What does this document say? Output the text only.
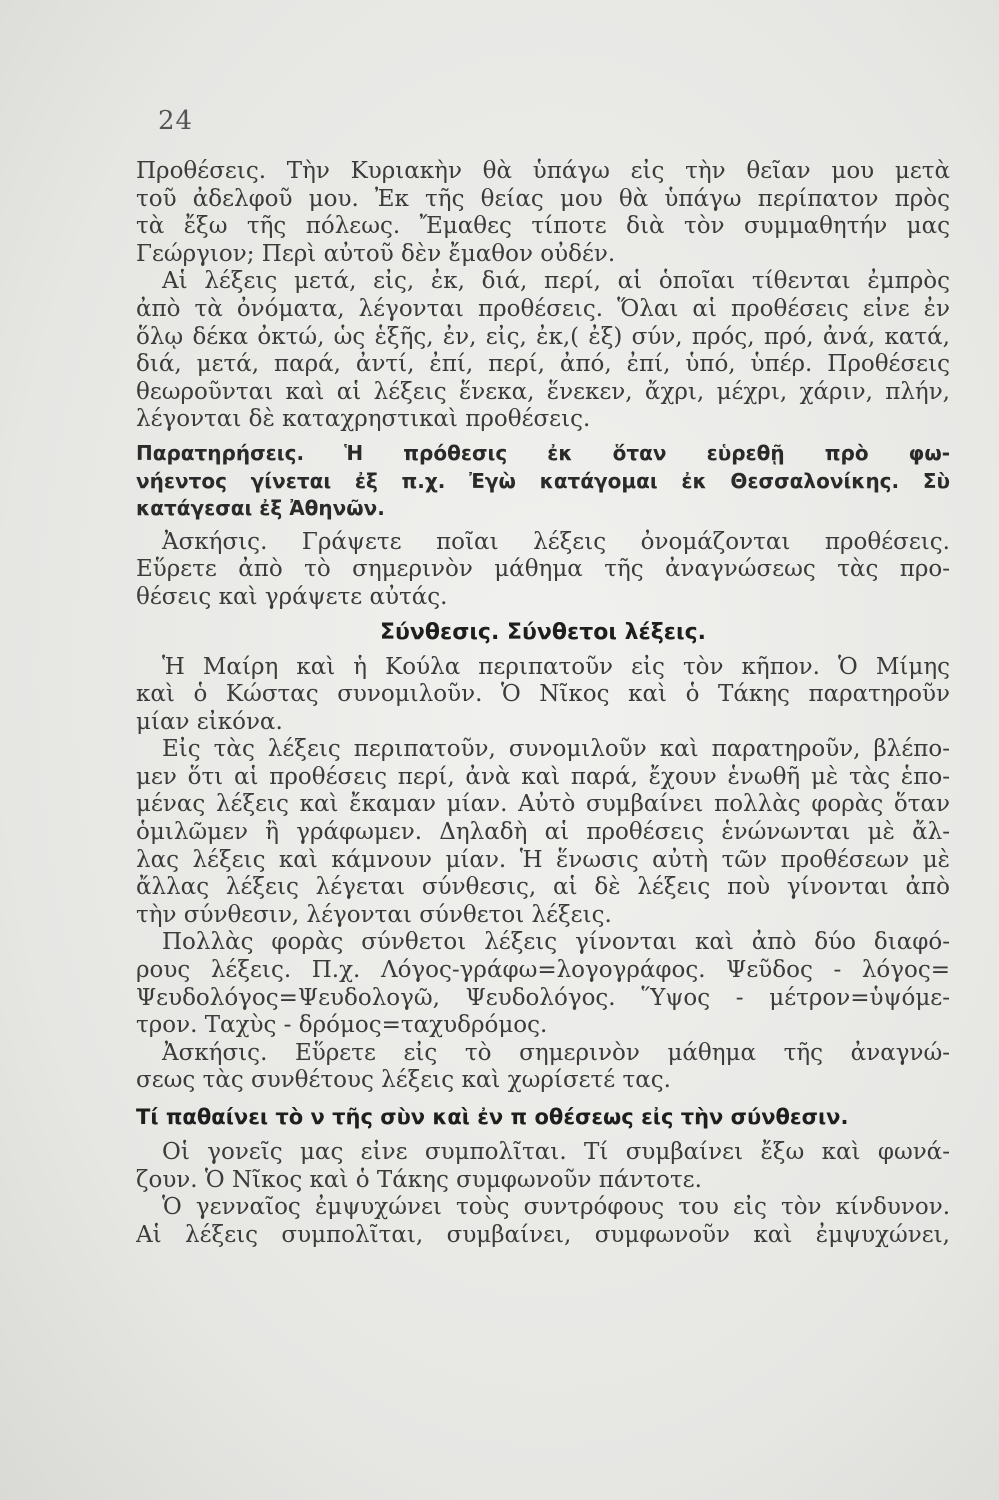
24
Προθέσεις. Τὴν Κυριακὴν θὰ ὑπάγω εἰς τὴν θεῖαν μου μετὰ
τοῦ ἀδελφοῦ μου. Ἐκ τῆς θείας μου θὰ ὑπάγω περίπατον πρὸς
τὰ ἔξω τῆς πόλεως. Ἔμαθες τίποτε διὰ τὸν συμμαθητήν μας
Γεώργιον; Περὶ αὐτοῦ δὲν ἔμαθον οὐδέν.
Αἱ λέξεις μετά, εἰς, ἐκ, διά, περί, αἱ ὁποῖαι τίθενται ἐμπρὸς
ἀπὸ τὰ ὀνόματα, λέγονται προθέσεις. Ὅλαι αἱ προθέσεις εἶνε ἐν
ὅλῳ δέκα ὀκτώ, ὡς ἑξῆς, ἐν, εἰς, ἐκ,( ἐξ) σύν, πρός, πρό, ἀνά, κατά,
διά, μετά, παρά, ἀντί, ἐπί, περί, ἀπό, ἐπί, ὑπό, ὑπέρ. Προθέσεις
θεωροῦνται καὶ αἱ λέξεις ἕνεκα, ἕνεκεν, ἄχρι, μέχρι, χάριν, πλήν,
λέγονται δὲ καταχρηστικαὶ προθέσεις.
Παρατηρήσεις. Ἡ πρόθεσις ἐκ ὅταν εὑρεθῇ πρὸ φω-
νήεντος γίνεται ἐξ π.χ. Ἐγὼ κατάγομαι ἐκ Θεσσαλονίκης. Σὺ
κατάγεσαι ἐξ Ἀθηνῶν.
Ἀσκήσις. Γράψετε ποῖαι λέξεις ὀνομάζονται προθέσεις.
Εὕρετε ἀπὸ τὸ σημερινὸν μάθημα τῆς ἀναγνώσεως τὰς προ-
θέσεις καὶ γράψετε αὐτάς.
Σύνθεσις. Σύνθετοι λέξεις.
Ἡ Μαίρη καὶ ἡ Κούλα περιπατοῦν εἰς τὸν κῆπον. Ὁ Μίμης
καὶ ὁ Κώστας συνομιλοῦν. Ὁ Νῖκος καὶ ὁ Τάκης παρατηροῦν
μίαν εἰκόνα.
Εἰς τὰς λέξεις περιπατοῦν, συνομιλοῦν καὶ παρατηροῦν, βλέπο-
μεν ὅτι αἱ προθέσεις περί, ἀνὰ καὶ παρά, ἔχουν ἑνωθῆ μὲ τὰς ἑπο-
μένας λέξεις καὶ ἔκαμαν μίαν. Αὐτὸ συμβαίνει πολλὰς φορὰς ὅταν
ὁμιλῶμεν ἢ γράφωμεν. Δηλαδὴ αἱ προθέσεις ἑνώνωνται μὲ ἄλ-
λας λέξεις καὶ κάμνουν μίαν. Ἡ ἕνωσις αὐτὴ τῶν προθέσεων μὲ
ἄλλας λέξεις λέγεται σύνθεσις, αἱ δὲ λέξεις ποὺ γίνονται ἀπὸ
τὴν σύνθεσιν, λέγονται σύνθετοι λέξεις.
Πολλὰς φορὰς σύνθετοι λέξεις γίνονται καὶ ἀπὸ δύο διαφό-
ρους λέξεις. Π.χ. Λόγος-γράφω=λογογράφος. Ψεῦδος - λόγος=
Ψευδολόγος=Ψευδολογῶ, Ψευδολόγος. Ὕψος - μέτρον=ὑψόμε-
τρον. Ταχὺς - δρόμος=ταχυδρόμος.
Ἀσκήσις. Εὕρετε εἰς τὸ σημερινὸν μάθημα τῆς ἀναγνώ-
σεως τὰς συνθέτους λέξεις καὶ χωρίσετέ τας.
Τί παθαίνει τὸ ν τῆς σὺν καὶ ἐν π οθέσεως εἰς τὴν σύνθεσιν.
Οἱ γονεῖς μας εἶνε συμπολῖται. Τί συμβαίνει ἔξω καὶ φωνά-
ζουν. Ὁ Νῖκος καὶ ὁ Τάκης συμφωνοῦν πάντοτε.
Ὁ γενναῖος ἐμψυχώνει τοὺς συντρόφους του εἰς τὸν κίνδυνον.
Αἱ λέξεις συμπολῖται, συμβαίνει, συμφωνοῦν καὶ ἐμψυχώνει,
